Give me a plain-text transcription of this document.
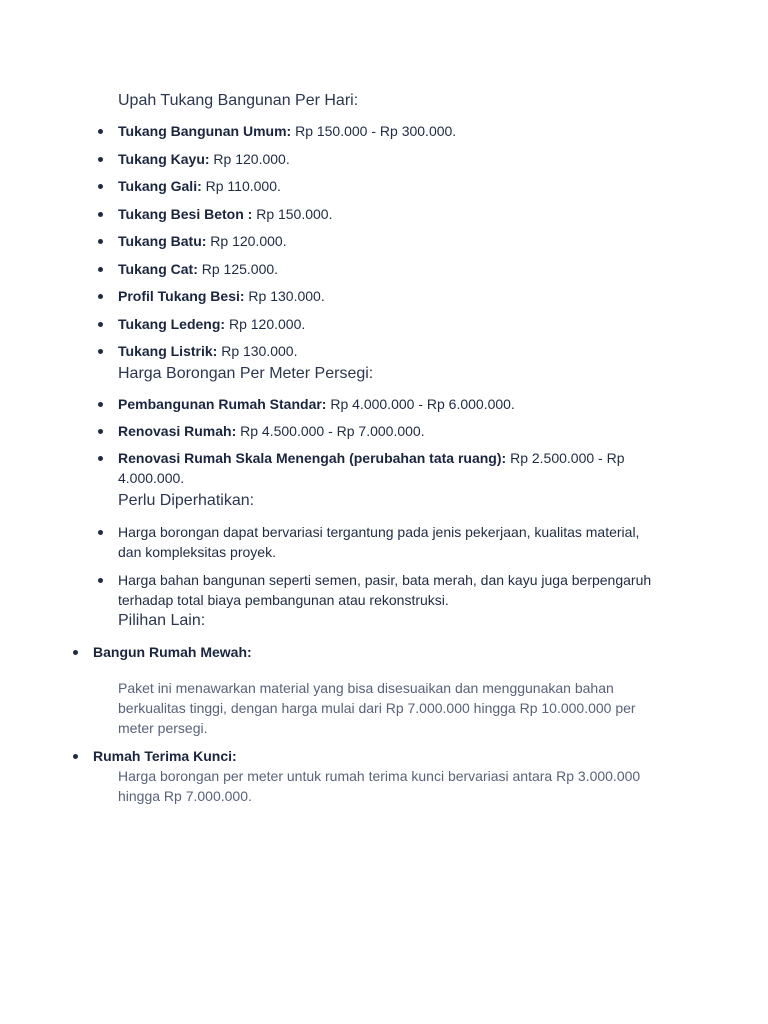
Upah Tukang Bangunan Per Hari:
Tukang Bangunan Umum: Rp 150.000 - Rp 300.000.
Tukang Kayu: Rp 120.000.
Tukang Gali: Rp 110.000.
Tukang Besi Beton : Rp 150.000.
Tukang Batu: Rp 120.000.
Tukang Cat: Rp 125.000.
Profil Tukang Besi: Rp 130.000.
Tukang Ledeng: Rp 120.000.
Tukang Listrik: Rp 130.000.
Harga Borongan Per Meter Persegi:
Pembangunan Rumah Standar: Rp 4.000.000 - Rp 6.000.000.
Renovasi Rumah: Rp 4.500.000 - Rp 7.000.000.
Renovasi Rumah Skala Menengah (perubahan tata ruang): Rp 2.500.000 - Rp 4.000.000.
Perlu Diperhatikan:
Harga borongan dapat bervariasi tergantung pada jenis pekerjaan, kualitas material, dan kompleksitas proyek.
Harga bahan bangunan seperti semen, pasir, bata merah, dan kayu juga berpengaruh terhadap total biaya pembangunan atau rekonstruksi.
Pilihan Lain:
Bangun Rumah Mewah:
Paket ini menawarkan material yang bisa disesuaikan dan menggunakan bahan berkualitas tinggi, dengan harga mulai dari Rp 7.000.000 hingga Rp 10.000.000 per meter persegi.
Rumah Terima Kunci:
Harga borongan per meter untuk rumah terima kunci bervariasi antara Rp 3.000.000 hingga Rp 7.000.000.
